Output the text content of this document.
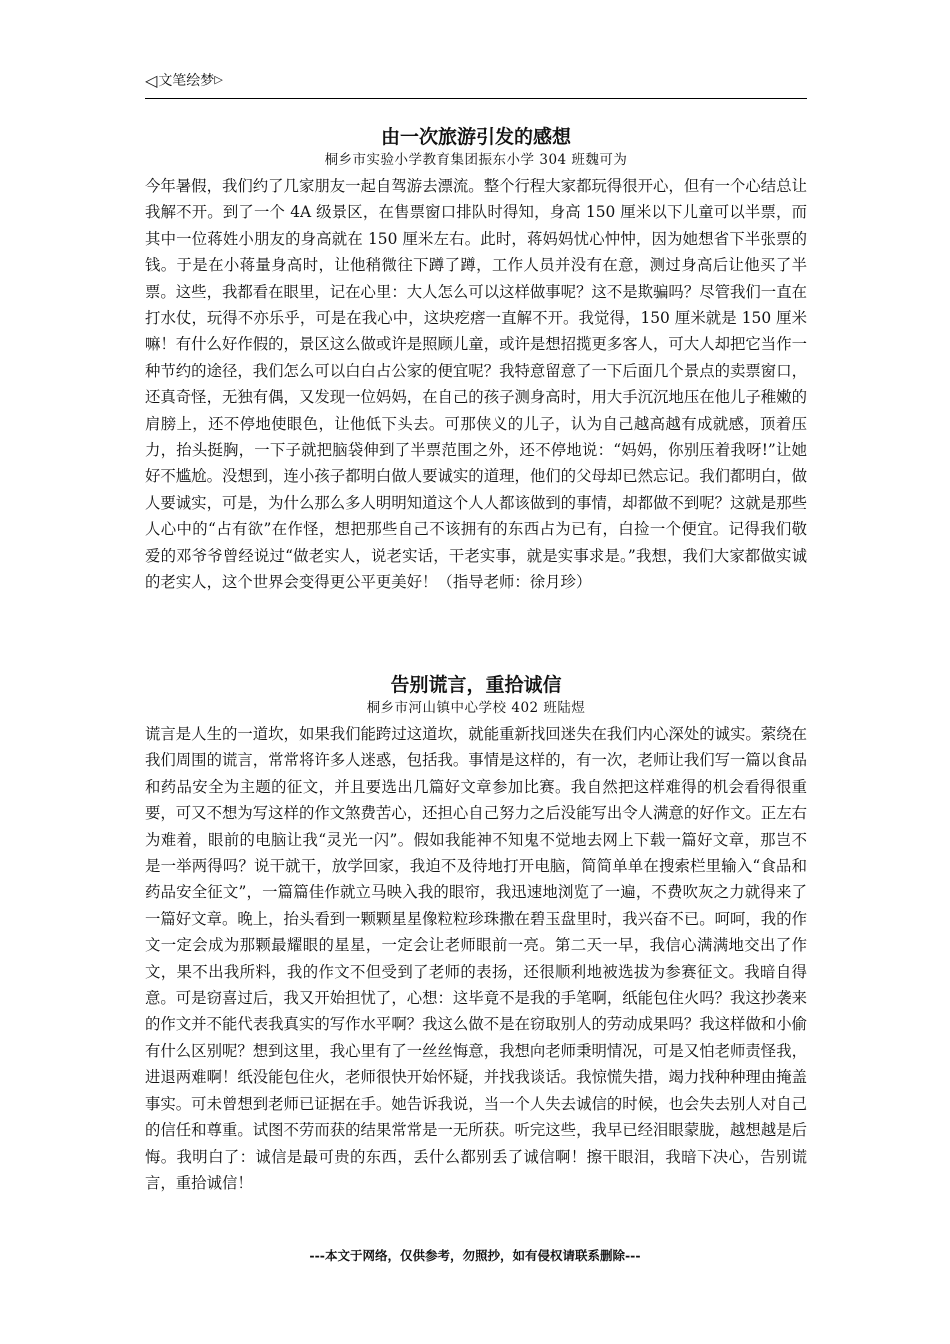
◁ 文笔绘梦 ▷
由一次旅游引发的感想

桐乡市实验小学教育集团振东小学 304 班魏可为

今年暑假，我们约了几家朋友一起自驾游去漂流。整个行程大家都玩得很开心，但有一个心结总让我解不开。到了一个 4A 级景区，在售票窗口排队时得知，身高 150 厘米以下儿童可以半票，而其中一位蒋姓小朋友的身高就在 150 厘米左右。此时，蒋妈妈忧心忡忡，因为她想省下半张票的钱。于是在小蒋量身高时，让他稍微往下蹲了蹲，工作人员并没有在意，测过身高后让他买了半票。这些，我都看在眼里，记在心里：大人怎么可以这样做事呢？这不是欺骗吗？尽管我们一直在打水仗，玩得不亦乐乎，可是在我心中，这块疙瘩一直解不开。我觉得，150 厘米就是 150 厘米嘛！有什么好作假的，景区这么做或许是照顾儿童，或许是想招揽更多客人，可大人却把它当作一种节约的途径，我们怎么可以白白占公家的便宜呢？我特意留意了一下后面几个景点的卖票窗口，还真奇怪，无独有偶，又发现一位妈妈，在自己的孩子测身高时，用大手沉沉地压在他儿子稚嫩的肩膀上，还不停地使眼色，让他低下头去。可那侠义的儿子，认为自己越高越有成就感，顶着压力，抬头挺胸，一下子就把脑袋伸到了半票范围之外，还不停地说：“妈妈，你别压着我呀!”让她好不尴尬。没想到，连小孩子都明白做人要诚实的道理，他们的父母却已然忘记。我们都明白，做人要诚实，可是，为什么那么多人明明知道这个人人都该做到的事情，却都做不到呢？这就是那些人心中的“占有欲”在作怪，想把那些自己不该拥有的东西占为已有，白捡一个便宜。记得我们敬爱的邓爷爷曾经说过“做老实人，说老实话，干老实事，就是实事求是。”我想，我们大家都做实诚的老实人，这个世界会变得更公平更美好！（指导老师：徐月珍）

告别谎言，重拾诚信

桐乡市河山镇中心学校 402 班陆煜

谎言是人生的一道坎，如果我们能跨过这道坎，就能重新找回迷失在我们内心深处的诚实。萦绕在我们周围的谎言，常常将许多人迷惑，包括我。事情是这样的，有一次，老师让我们写一篇以食品和药品安全为主题的征文，并且要选出几篇好文章参加比赛。我自然把这样难得的机会看得很重要，可又不想为写这样的作文煞费苦心，还担心自己努力之后没能写出令人满意的好作文。正左右为难着，眼前的电脑让我“灵光一闪”。假如我能神不知鬼不觉地去网上下载一篇好文章，那岂不是一举两得吗？说干就干，放学回家，我迫不及待地打开电脑，简简单单在搜索栏里输入“食品和药品安全征文”，一篇篇佳作就立马映入我的眼帘，我迅速地浏览了一遍，不费吹灰之力就得来了一篇好文章。晚上，抬头看到一颗颗星星像粒粒珍珠撒在碧玉盘里时，我兴奋不已。呵呵，我的作文一定会成为那颗最耀眼的星星，一定会让老师眼前一亮。第二天一早，我信心满满地交出了作文，果不出我所料，我的作文不但受到了老师的表扬，还很顺利地被选拔为参赛征文。我暗自得意。可是窃喜过后，我又开始担忧了，心想：这毕竟不是我的手笔啊，纸能包住火吗？我这抄袭来的作文并不能代表我真实的写作水平啊？我这么做不是在窃取别人的劳动成果吗？我这样做和小偷有什么区别呢？想到这里，我心里有了一丝丝悔意，我想向老师秉明情况，可是又怕老师责怪我，进退两难啊！纸没能包住火，老师很快开始怀疑，并找我谈话。我惊慌失措，竭力找种种理由掩盖事实。可未曾想到老师已证据在手。她告诉我说，当一个人失去诚信的时候，也会失去别人对自己的信任和尊重。试图不劳而获的结果常常是一无所获。听完这些，我早已经泪眼蒙胧，越想越是后悔。我明白了：诚信是最可贵的东西，丢什么都别丢了诚信啊！擦干眼泪，我暗下决心，告别谎言，重拾诚信！

---本文于网络，仅供参考，勿照抄，如有侵权请联系删除---
